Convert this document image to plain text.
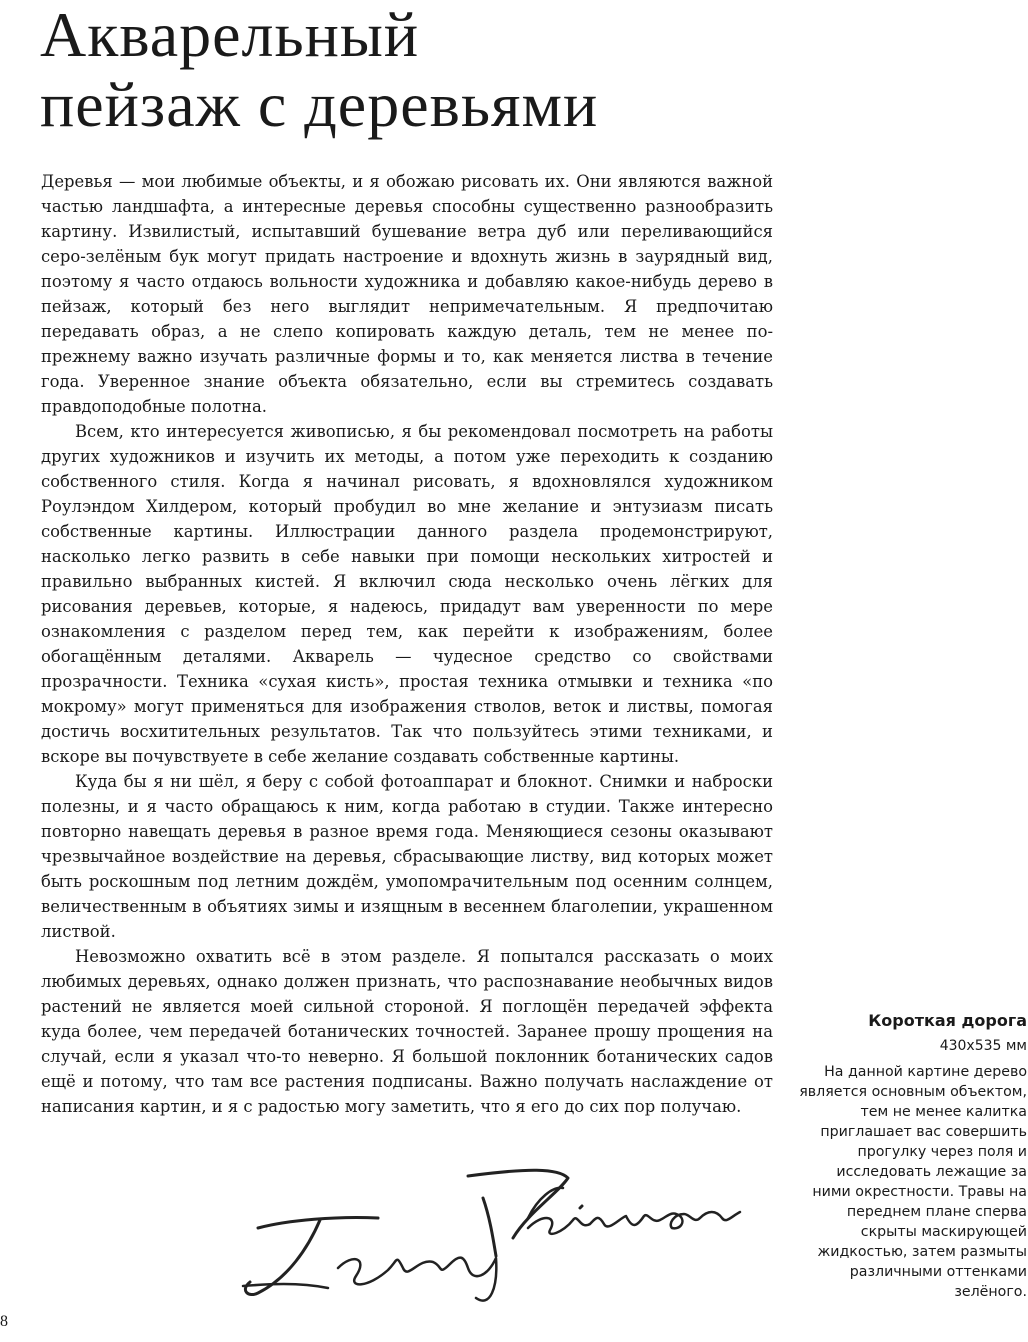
Акварельный
пейзаж с деревьями

Деревья — мои любимые объекты, и я обожаю рисовать их. Они являются важной частью ландшафта, а интересные деревья способны существенно разнообразить картину. Извилистый, испытавший бушевание ветра дуб или переливающийся серо-зелёным бук могут придать настроение и вдохнуть жизнь в заурядный вид, поэтому я часто отдаюсь вольности художника и добавляю какое-нибудь дерево в пейзаж, который без него выглядит непримечательным. Я предпочитаю передавать образ, а не слепо копировать каждую деталь, тем не менее по-прежнему важно изучать различные формы и то, как меняется листва в течение года. Уверенное знание объекта обязательно, если вы стремитесь создавать правдоподобные полотна.

Всем, кто интересуется живописью, я бы рекомендовал посмотреть на работы других художников и изучить их методы, а потом уже переходить к созданию собственного стиля. Когда я начинал рисовать, я вдохновлялся художником Роулэндом Хилдером, который пробудил во мне желание и энтузиазм писать собственные картины. Иллюстрации данного раздела продемонстрируют, насколько легко развить в себе навыки при помощи нескольких хитростей и правильно выбранных кистей. Я включил сюда несколько очень лёгких для рисования деревьев, которые, я надеюсь, придадут вам уверенности по мере ознакомления с разделом перед тем, как перейти к изображениям, более обогащённым деталями. Акварель — чудесное средство со свойствами прозрачности. Техника «сухая кисть», простая техника отмывки и техника «по мокрому» могут применяться для изображения стволов, веток и листвы, помогая достичь восхитительных результатов. Так что пользуйтесь этими техниками, и вскоре вы почувствуете в себе желание создавать собственные картины.

Куда бы я ни шёл, я беру с собой фотоаппарат и блокнот. Снимки и наброски полезны, и я часто обращаюсь к ним, когда работаю в студии. Также интересно повторно навещать деревья в разное время года. Меняющиеся сезоны оказывают чрезвычайное воздействие на деревья, сбрасывающие листву, вид которых может быть роскошным под летним дождём, умопомрачительным под осенним солнцем, величественным в объятиях зимы и изящным в весеннем благолепии, украшенном листвой.

Невозможно охватить всё в этом разделе. Я попытался рассказать о моих любимых деревьях, однако должен признать, что распознавание необычных видов растений не является моей сильной стороной. Я поглощён передачей эффекта куда более, чем передачей ботанических точностей. Заранее прошу прощения на случай, если я указал что-то неверно. Я большой поклонник ботанических садов ещё и потому, что там все растения подписаны. Важно получать наслаждение от написания картин, и я с радостью могу заметить, что я его до сих пор получаю.

Короткая дорога
430x535 мм
На данной картине дерево является основным объектом, тем не менее калитка приглашает вас совершить прогулку через поля и исследовать лежащие за ними окрестности. Травы на переднем плане сперва скрыты маскирующей жидкостью, затем размыты различными оттенками зелёного.
8
